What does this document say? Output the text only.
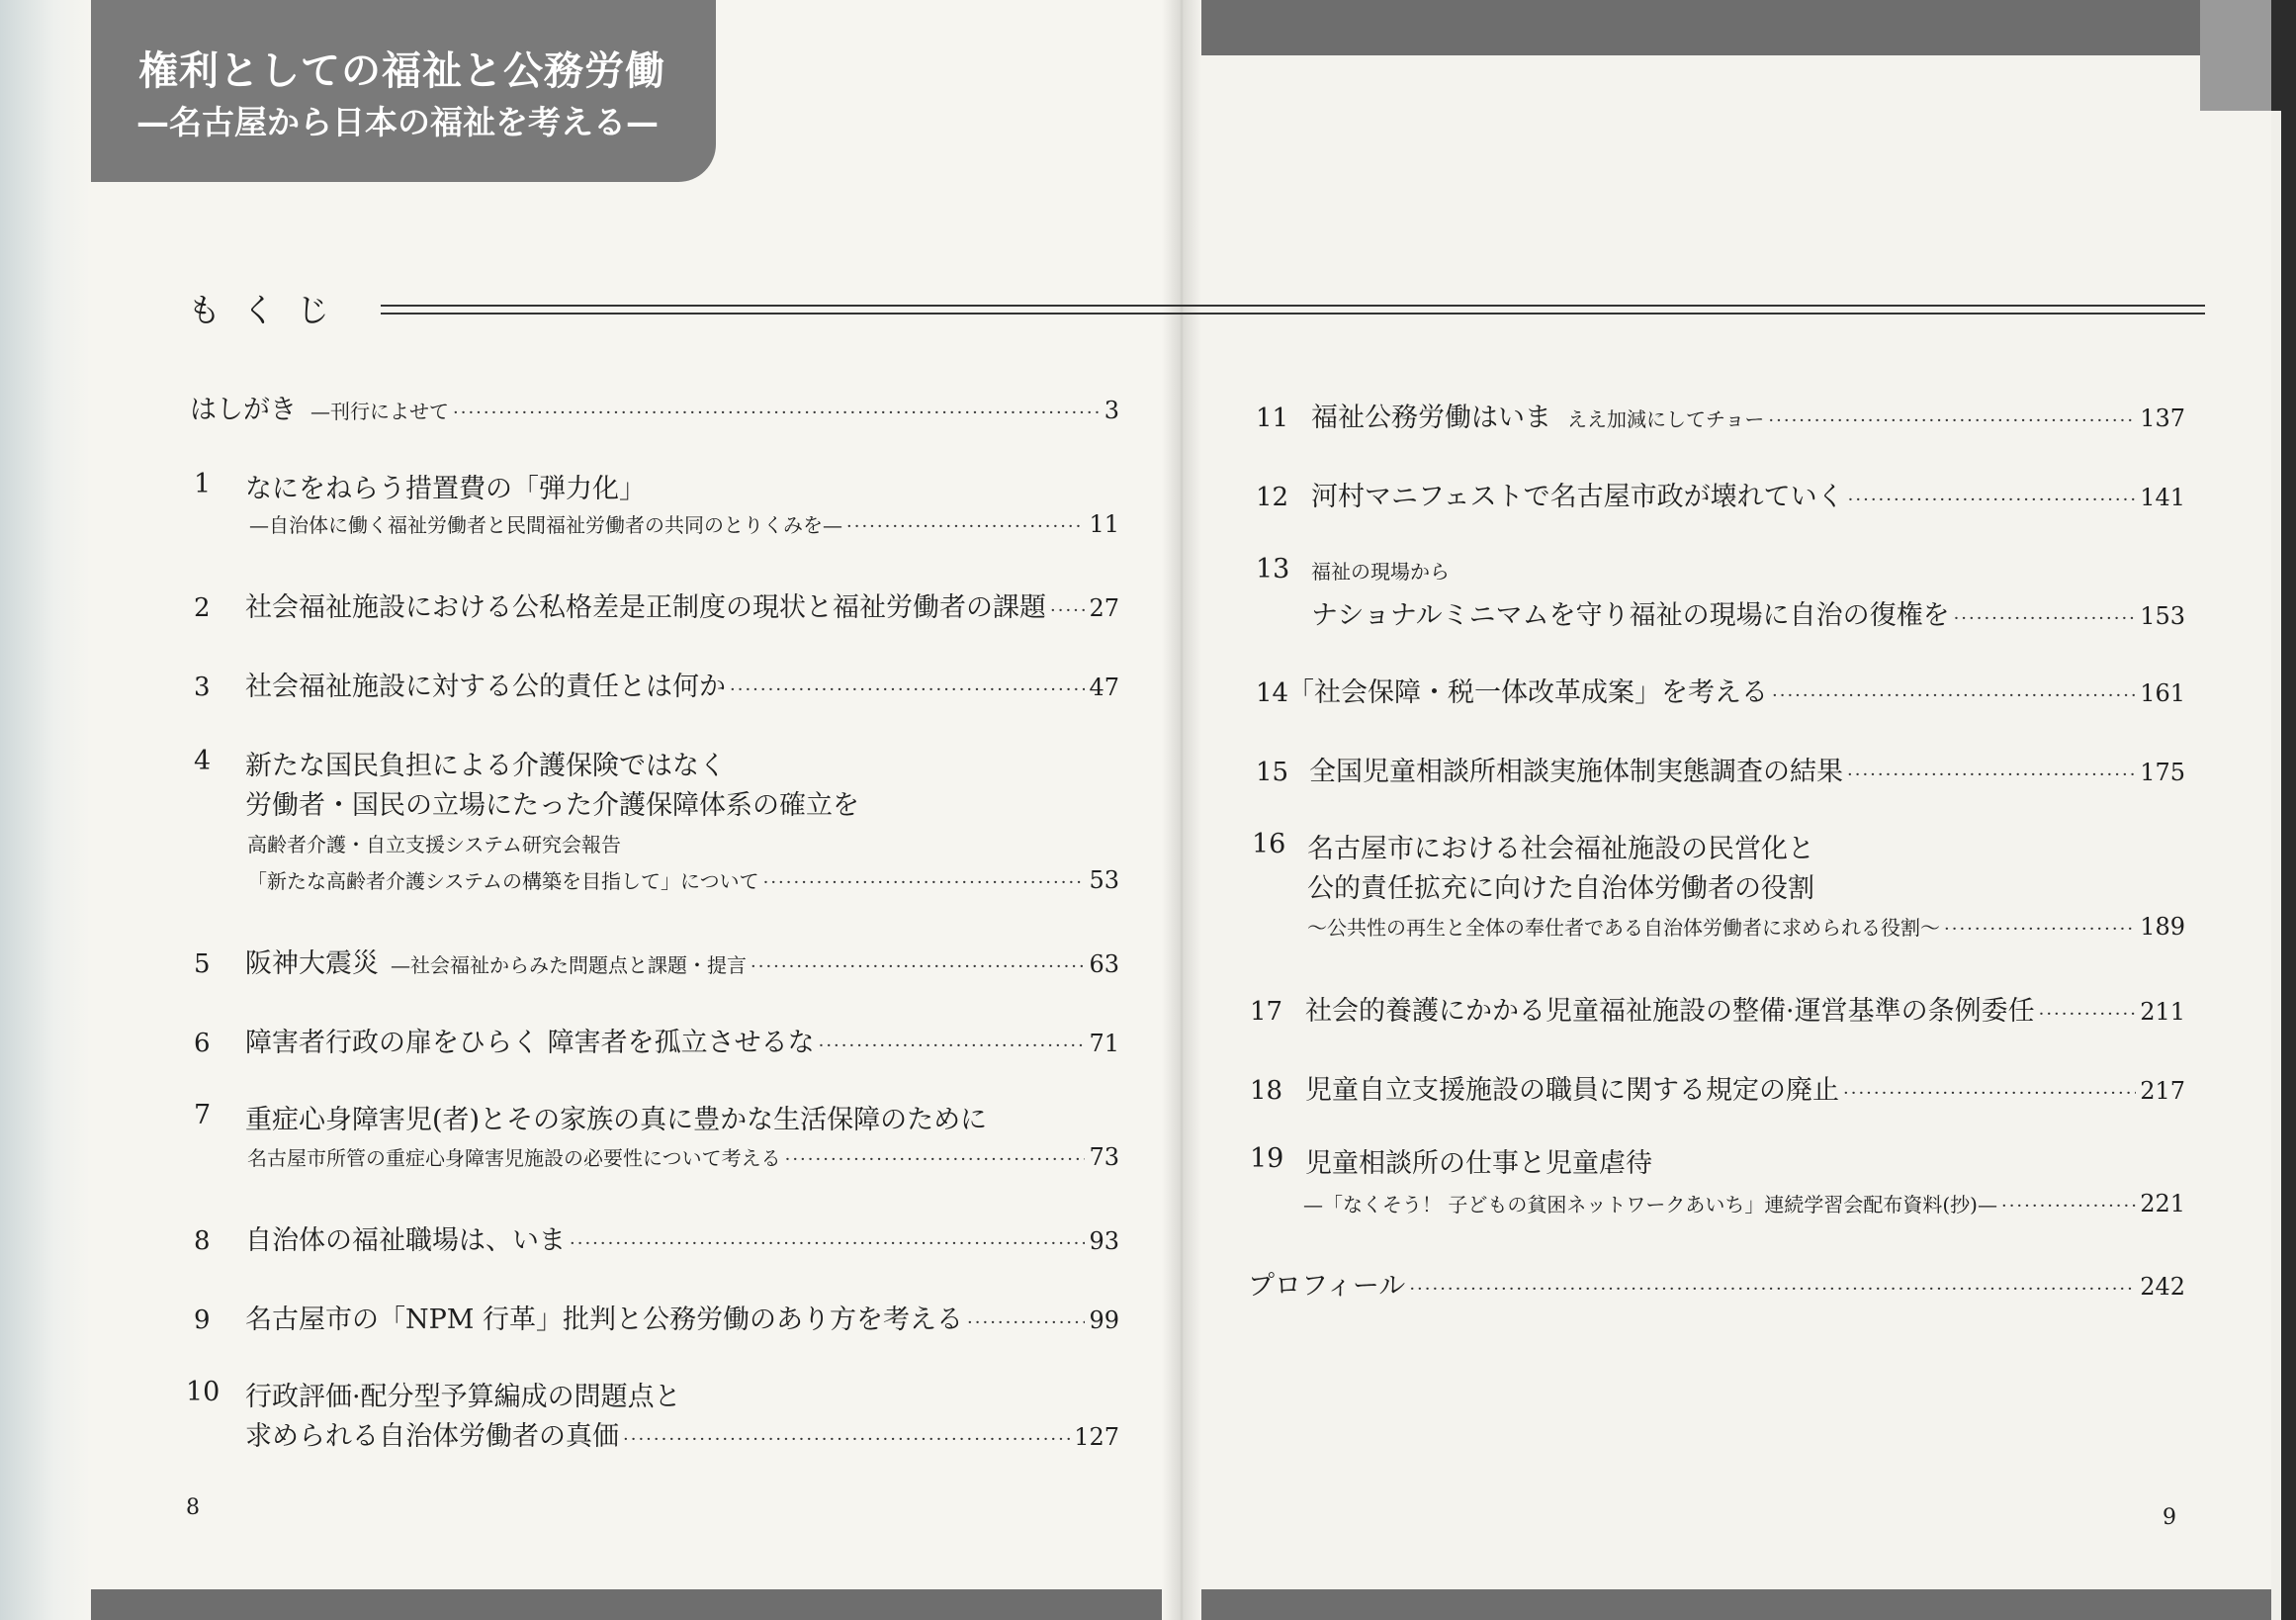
権利としての福祉と公務労働
—名古屋から日本の福祉を考える—
もくじ
はしがき —刊行によせて ·····	3
1 なにをねらう措置費の「弾力化」
—自治体に働く福祉労働者と民間福祉労働者の共同のとりくみを— ·····	11
2	社会福祉施設における公私格差是正制度の現状と福祉労働者の課題 ····· 27
3	社会福祉施設に対する公的責任とは何か ·····	47
4 新たな国民負担による介護保険ではなく
労働者・国民の立場にたった介護保障体系の確立を
高齢者介護・自立支援システム研究会報告
「新たな高齢者介護システムの構築を目指して」について ·····	53
5	阪神大震災 —社会福祉からみた問題点と課題・提言 ·····	63
6	障害者行政の扉をひらく 障害者を孤立させるな ·····	71
7 重症心身障害児(者)とその家族の真に豊かな生活保障のために
名古屋市所管の重症心身障害児施設の必要性について考える ·····	73
8	自治体の福祉職場は、いま ·····	93
9	名古屋市の「NPM 行革」批判と公務労働のあり方を考える ·····	99
10 行政評価·配分型予算編成の問題点と
求められる自治体労働者の真価 ·····	127
8
11 福祉公務労働はいま ええ加減にしてチョー ·····	137
12 河村マニフェストで名古屋市政が壊れていく ·····	141
13 福祉の現場から
ナショナルミニマムを守り福祉の現場に自治の復権を ·····	153
14
「社会保障・税一体改革成案」を考える ·····	161
15 全国児童相談所相談実施体制実態調査の結果 ·····	175
16 名古屋市における社会福祉施設の民営化と
公的責任拡充に向けた自治体労働者の役割
～公共性の再生と全体の奉仕者である自治体労働者に求められる役割～ ·····	189
17 社会的養護にかかる児童福祉施設の整備·運営基準の条例委任 ·····	211
18 児童自立支援施設の職員に関する規定の廃止 ·····	217
19 児童相談所の仕事と児童虐待
—「なくそう！ 子どもの貧困ネットワークあいち」連続学習会配布資料(抄)— ·····	221
プロフィール ·····	242
9
